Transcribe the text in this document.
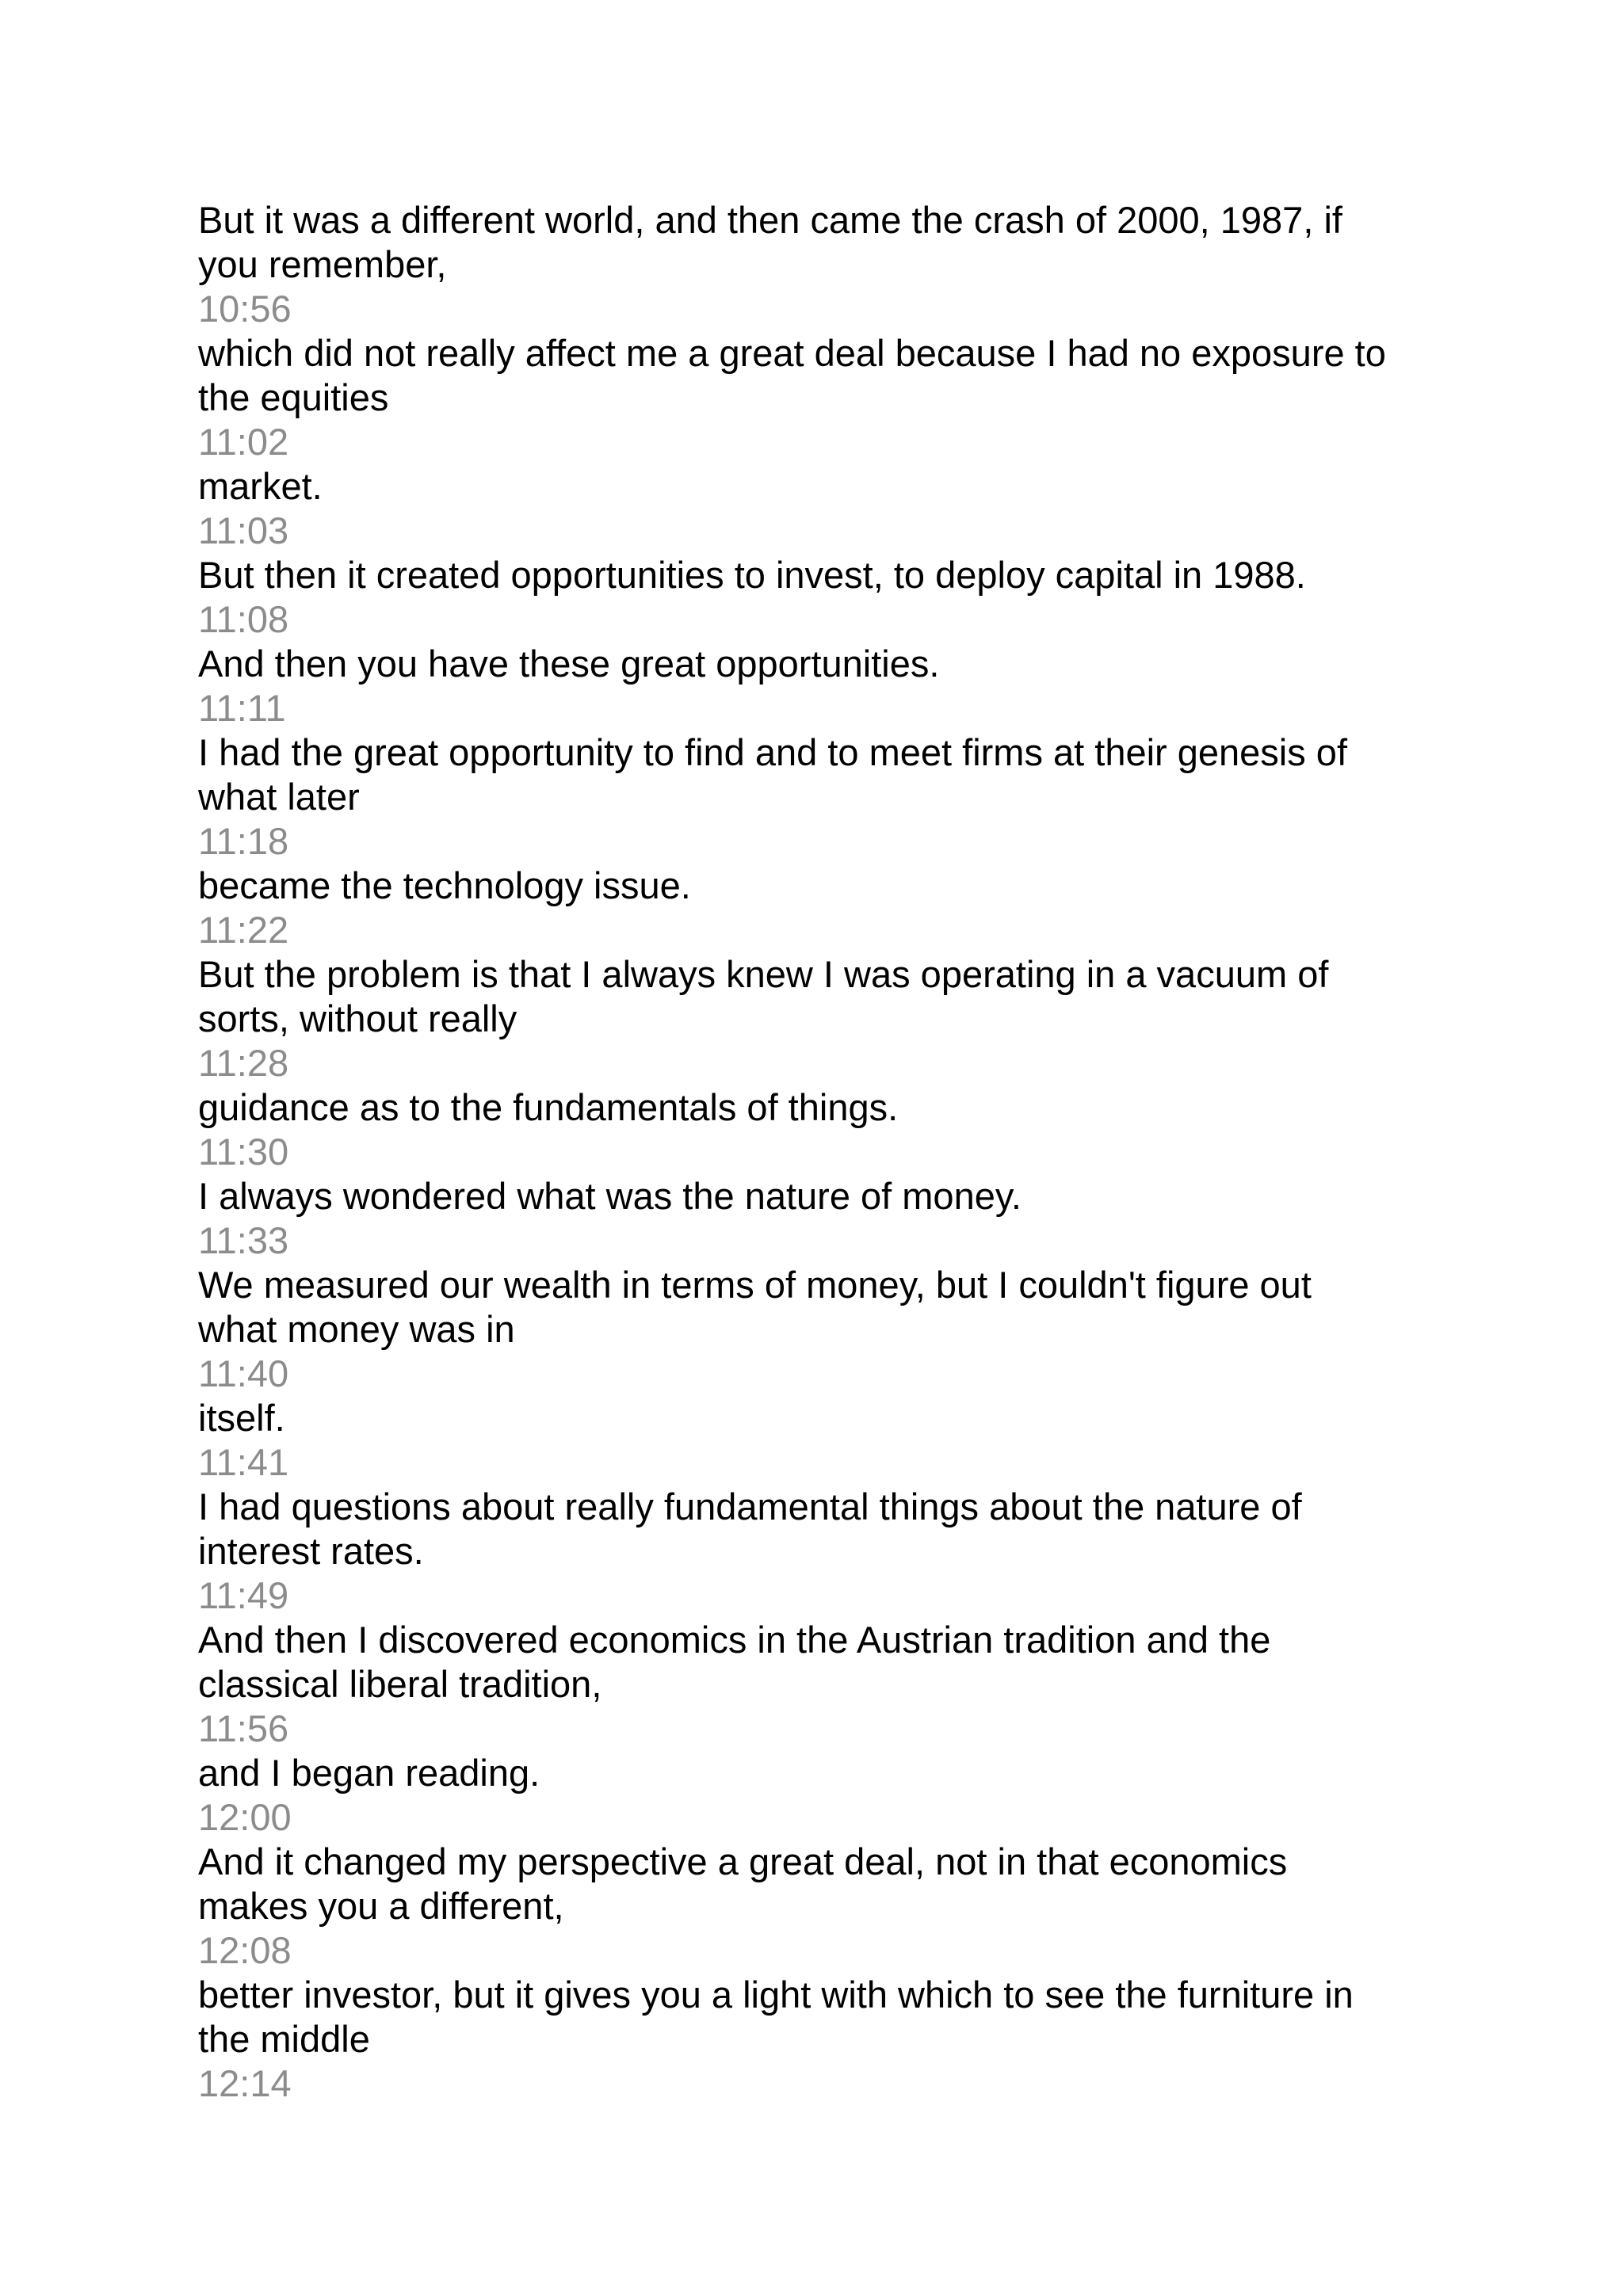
But it was a different world, and then came the crash of 2000, 1987, if
you remember,
10:56
which did not really affect me a great deal because I had no exposure to
the equities
11:02
market.
11:03
But then it created opportunities to invest, to deploy capital in 1988.
11:08
And then you have these great opportunities.
11:11
I had the great opportunity to find and to meet firms at their genesis of
what later
11:18
became the technology issue.
11:22
But the problem is that I always knew I was operating in a vacuum of
sorts, without really
11:28
guidance as to the fundamentals of things.
11:30
I always wondered what was the nature of money.
11:33
We measured our wealth in terms of money, but I couldn't figure out
what money was in
11:40
itself.
11:41
I had questions about really fundamental things about the nature of
interest rates.
11:49
And then I discovered economics in the Austrian tradition and the
classical liberal tradition,
11:56
and I began reading.
12:00
And it changed my perspective a great deal, not in that economics
makes you a different,
12:08
better investor, but it gives you a light with which to see the furniture in
the middle
12:14
